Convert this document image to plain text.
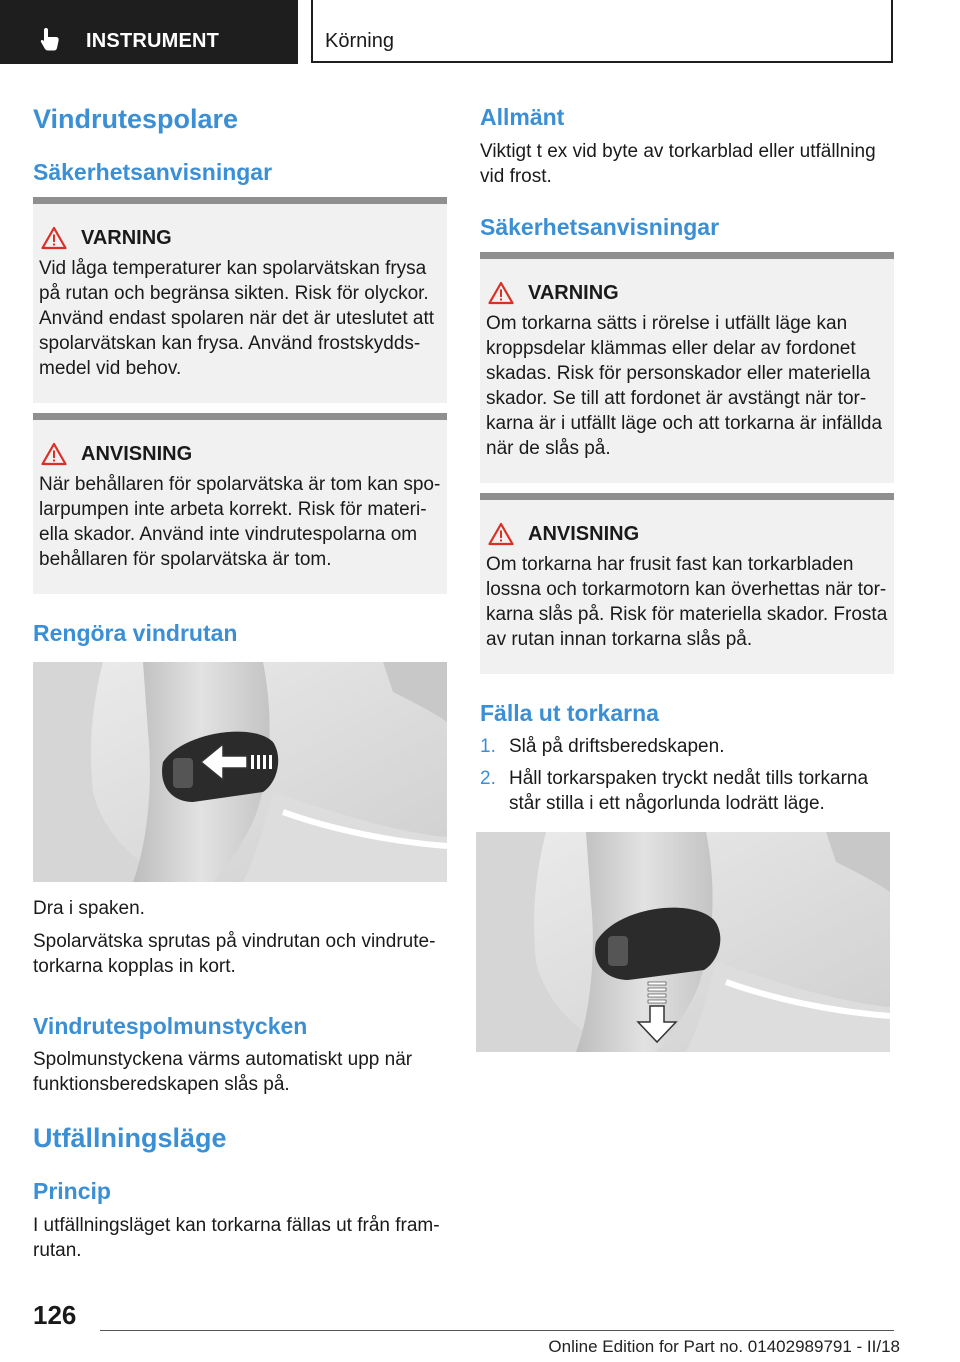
INSTRUMENT	Körning
Vindrutespolare
Säkerhetsanvisningar
VARNING
Vid låga temperaturer kan spolarvätskan frysa på rutan och begränsa sikten. Risk för olyckor. Använd endast spolaren när det är uteslutet att spolarvätskan kan frysa. Använd frostskyddsmedel vid behov.
ANVISNING
När behållaren för spolarvätska är tom kan spolarpumpen inte arbeta korrekt. Risk för materiella skador. Använd inte vindrutespolarna om behållaren för spolarvätska är tom.
Rengöra vindrutan

Dra i spaken.

Spolarvätska sprutas på vindrutan och vindrutetorkarna kopplas in kort.

Vindrutespolmunstycken

Spolmunstyckena värms automatiskt upp när funktionsberedskapen slås på.

Utfällningsläge
Princip

I utfällningsläget kan torkarna fällas ut från framrutan.

Allmänt

Viktigt t ex vid byte av torkarblad eller utfällning vid frost.

Säkerhetsanvisningar
VARNING
Om torkarna sätts i rörelse i utfällt läge kan kroppsdelar klämmas eller delar av fordonet skadas. Risk för personskador eller materiella skador. Se till att fordonet är avstängt när torkarna är i utfällt läge och att torkarna är infällda när de slås på.
ANVISNING
Om torkarna har frusit fast kan torkarbladen lossna och torkarmotorn kan överhettas när torkarna slås på. Risk för materiella skador. Frosta av rutan innan torkarna slås på.
Fälla ut torkarna
1. Slå på driftsberedskapen.
2. Håll torkarspaken tryckt nedåt tills torkarna står stilla i ett någorlunda lodrätt läge.
126
Online Edition for Part no. 01402989791 - II/18
